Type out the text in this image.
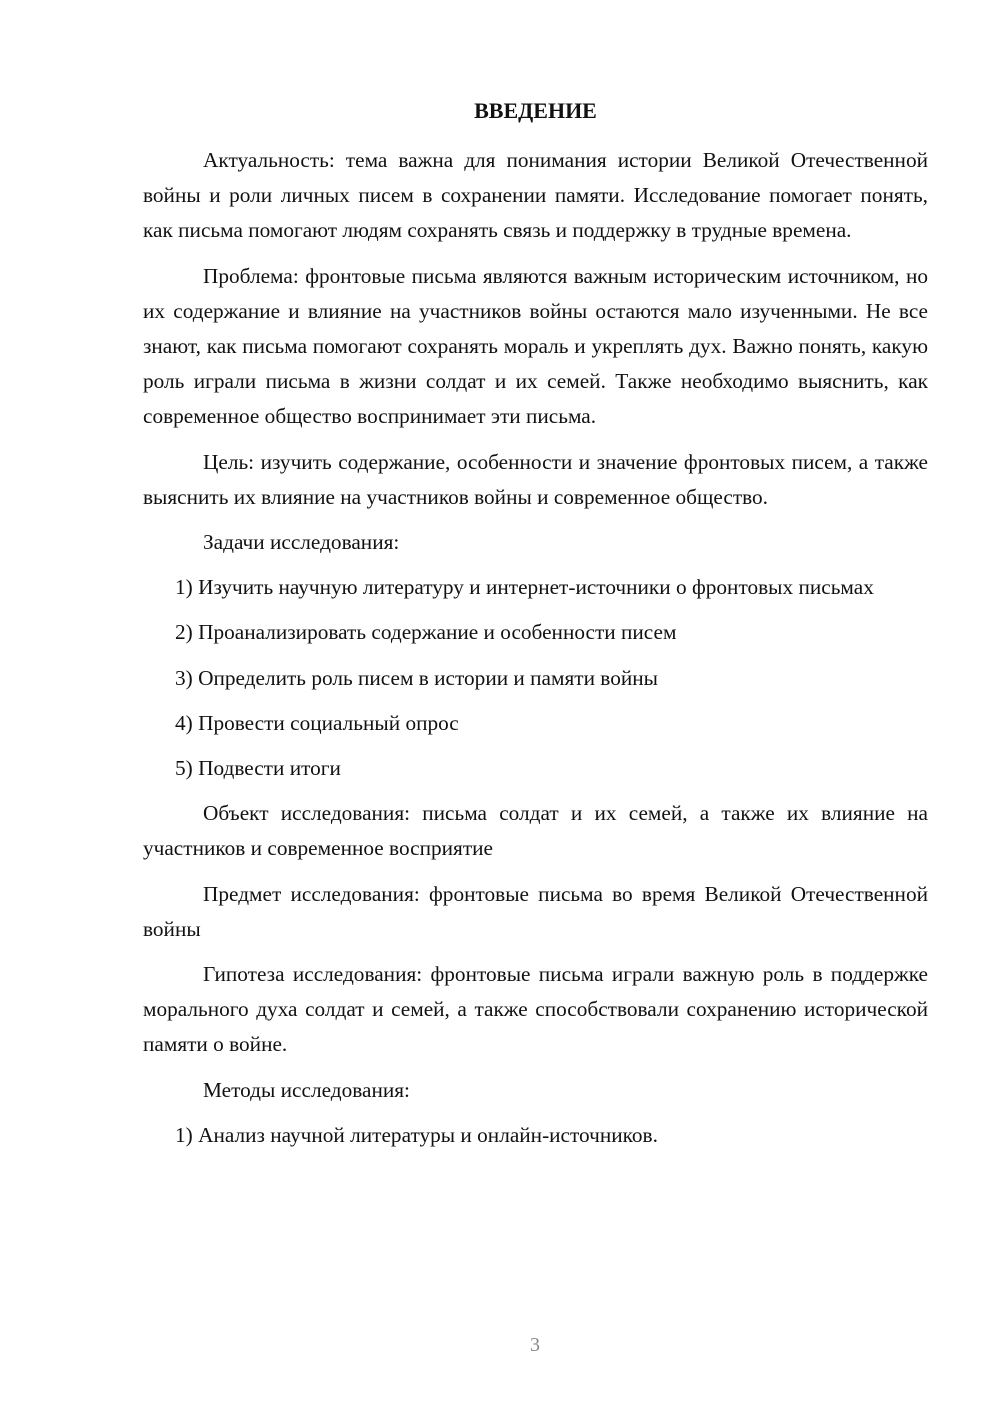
ВВЕДЕНИЕ

Актуальность: тема важна для понимания истории Великой Отечественной войны и роли личных писем в сохранении памяти. Исследование помогает понять, как письма помогают людям сохранять связь и поддержку в трудные времена.

Проблема: фронтовые письма являются важным историческим источником, но их содержание и влияние на участников войны остаются мало изученными. Не все знают, как письма помогают сохранять мораль и укреплять дух. Важно понять, какую роль играли письма в жизни солдат и их семей. Также необходимо выяснить, как современное общество воспринимает эти письма.

Цель: изучить содержание, особенности и значение фронтовых писем, а также выяснить их влияние на участников войны и современное общество.

Задачи исследования:

1) Изучить научную литературу и интернет-источники о фронтовых письмах

2) Проанализировать содержание и особенности писем

3) Определить роль писем в истории и памяти войны

4) Провести социальный опрос

5) Подвести итоги

Объект исследования: письма солдат и их семей, а также их влияние на участников и современное восприятие

Предмет исследования: фронтовые письма во время Великой Отечественной войны

Гипотеза исследования: фронтовые письма играли важную роль в поддержке морального духа солдат и семей, а также способствовали сохранению исторической памяти о войне.

Методы исследования:

1) Анализ научной литературы и онлайн-источников.

3
